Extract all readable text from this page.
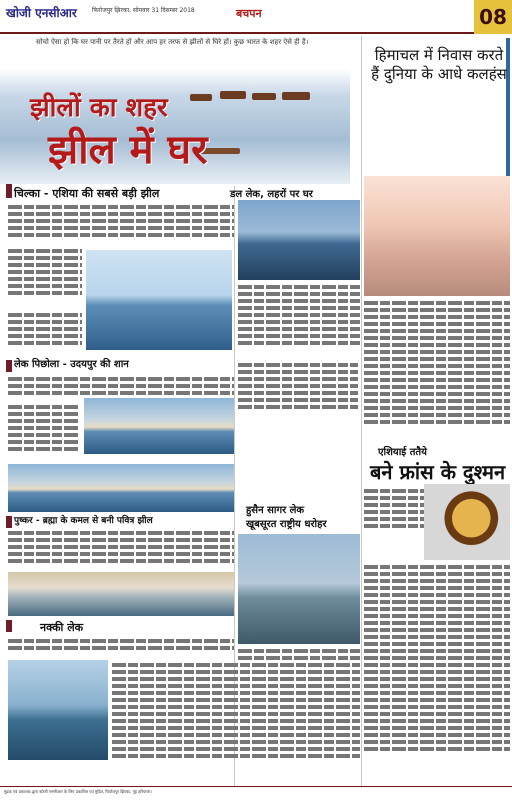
खोजी एनसीआर	फिरोजपुर झिरका, सोमवार 31 दिसम्बर 2018	बचपन	08
सोचो ऐसा हो कि घर पानी पर तैरते हों और आप हर तरफ से झीलों से घिरे हों। कुछ भारत के शहर ऐसे ही हैं।
झीलों का शहर
झील में घर
चिल्का - एशिया की सबसे बड़ी झील	डल लेक, लहरों पर घर
लेक पिछोला - उदयपुर की शान
हुसैन सागर लेक
खूबसूरत राष्ट्रीय धरोहर
पुष्कर - ब्रह्मा के कमल से बनी पवित्र झील
नक्की लेक
हिमाचल में निवास करते हैं दुनिया के आधे कलहंस
एशियाई ततैये
बने फ्रांस के दुश्मन
मुद्रक एवं प्रकाशक द्वारा खोजी एनसीआर के लिए प्रकाशित एवं मुद्रित, फिरोजपुर झिरका, नूंह हरियाणा।
